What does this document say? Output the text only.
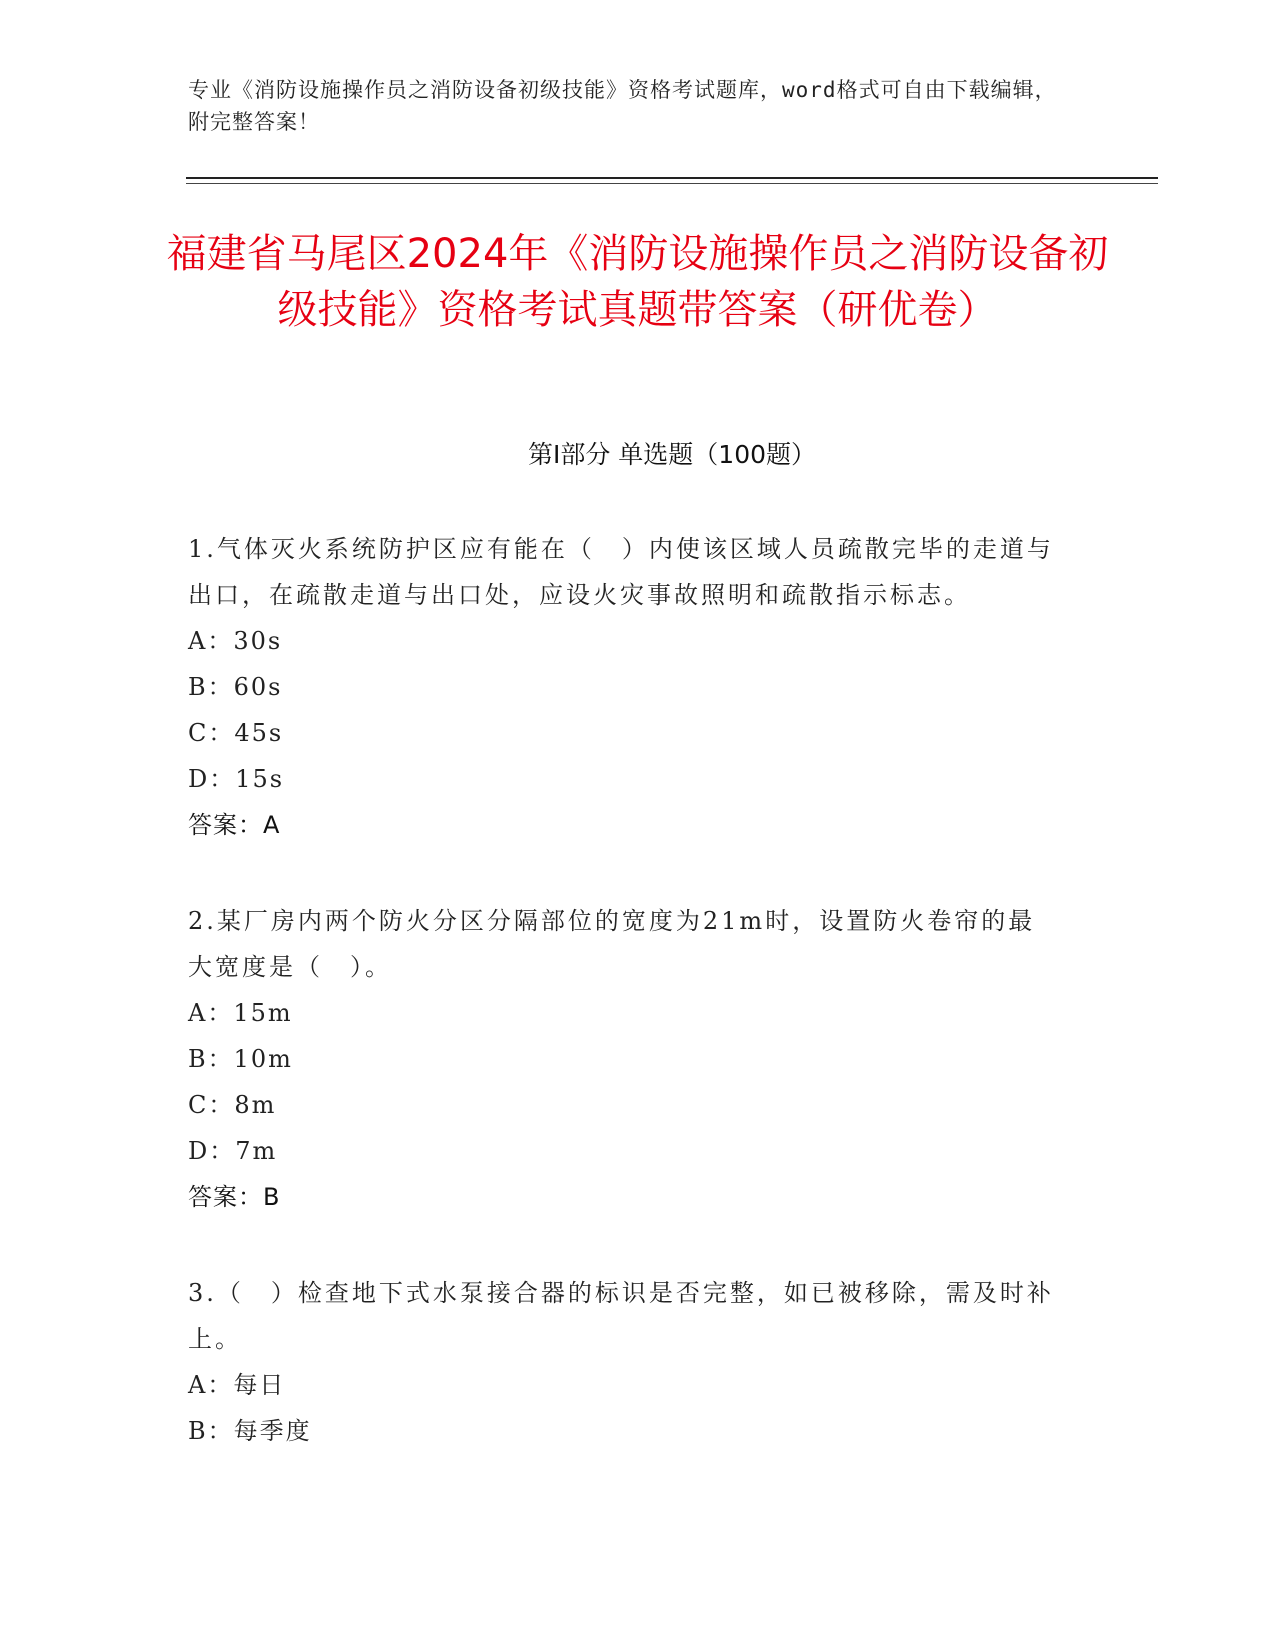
专业《消防设施操作员之消防设备初级技能》资格考试题库，word格式可自由下载编辑，附完整答案！
福建省马尾区2024年《消防设施操作员之消防设备初级技能》资格考试真题带答案（研优卷）
第Ⅰ部分 单选题（100题）
1.气体灭火系统防护区应有能在（　）内使该区域人员疏散完毕的走道与出口，在疏散走道与出口处，应设火灾事故照明和疏散指示标志。
A：30s
B：60s
C：45s
D：15s
答案：A
2.某厂房内两个防火分区分隔部位的宽度为21m时，设置防火卷帘的最大宽度是（　）。
A：15m
B：10m
C：8m
D：7m
答案：B
3.（　）检查地下式水泵接合器的标识是否完整，如已被移除，需及时补上。
A：每日
B：每季度
